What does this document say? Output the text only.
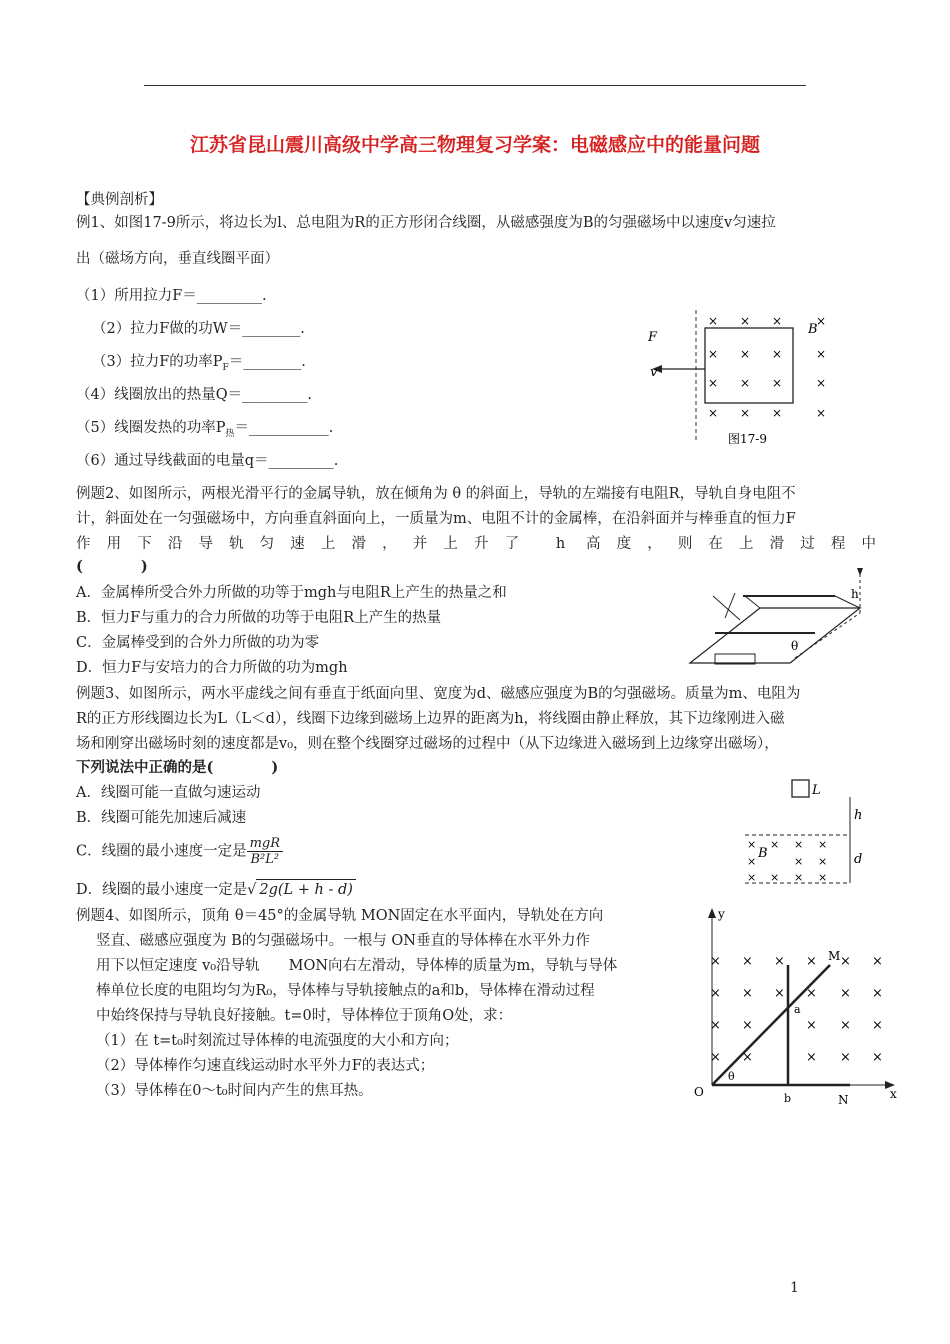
江苏省昆山震川高级中学高三物理复习学案：电磁感应中的能量问题
【典例剖析】
例1、如图17-9所示，将边长为l、总电阻为R的正方形闭合线圈，从磁感强度为B的匀强磁场中以速度v匀速拉
出（磁场方向，垂直线圈平面）
（1）所用拉力F＝_________.
（2）拉力F做的功W＝________.
（3）拉力F的功率$P_F=\_\_\_\_\_\_\_\_$.
（4）线圈放出的热量Q＝_________.
（5）线圈发热的功率$P_热=\_\_\_\_\_\_\_\_\_\_\_$.
（6）通过导线截面的电量q＝_________.
F
v
B
× × ×	×
× × ×	×
× × ×	×
× × ×	×
图17-9
例题2、如图所示，两根光滑平行的金属导轨，放在倾角为 θ 的斜面上，导轨的左端接有电阻R，导轨自身电阻不
计，斜面处在一匀强磁场中，方向垂直斜面向上，一质量为m、电阻不计的金属棒，在沿斜面并与棒垂直的恒力F
作用下沿导轨匀速上滑，并上升了 h 高度，则在上滑过程中
(　　　　)
A．金属棒所受合外力所做的功等于mgh与电阻R上产生的热量之和
B．恒力F与重力的合力所做的功等于电阻R上产生的热量
C．金属棒受到的合外力所做的功为零
D．恒力F与安培力的合力所做的功为mgh
h
θ
例题3、如图所示，两水平虚线之间有垂直于纸面向里、宽度为d、磁感应强度为B的匀强磁场。质量为m、电阻为
R的正方形线圈边长为L（L＜d），线圈下边缘到磁场上边界的距离为h，将线圈由静止释放，其下边缘刚进入磁
场和刚穿出磁场时刻的速度都是v₀，则在整个线圈穿过磁场的过程中（从下边缘进入磁场到上边缘穿出磁场），
下列说法中正确的是(　　　　)
A．线圈可能一直做匀速运动
B．线圈可能先加速后减速
C．线圈的最小速度一定是 $\frac{\text{mgR}}{\text{B²L²}}$
D．线圈的最小速度一定是√ 2g(L + h - d)
L
h
d
B
× × × ×
×	× ×
× × × ×
例题4、如图所示，顶角 θ＝45°的金属导轨 MON固定在水平面内，导轨处在方向
竖直、磁感应强度为 B的匀强磁场中。一根与 ON垂直的导体棒在水平外力作
用下以恒定速度 v₀沿导轨　　MON向右左滑动，导体棒的质量为m，导轨与导体
棒单位长度的电阻均匀为R₀，导体棒与导轨接触点的a和b，导体棒在滑动过程
中始终保持与导轨良好接触。t=0时，导体棒位于顶角O处，求：
（1）在 t=t₀时刻流过导体棒的电流强度的大小和方向；
（2）导体棒作匀速直线运动时水平外力F的表达式；
（3）导体棒在0～t₀时间内产生的焦耳热。
y
x
O
M
N
a
b
θ
× × × × × ×
× × × × × ×
× ×	× × ×
× ×	× × ×
1
